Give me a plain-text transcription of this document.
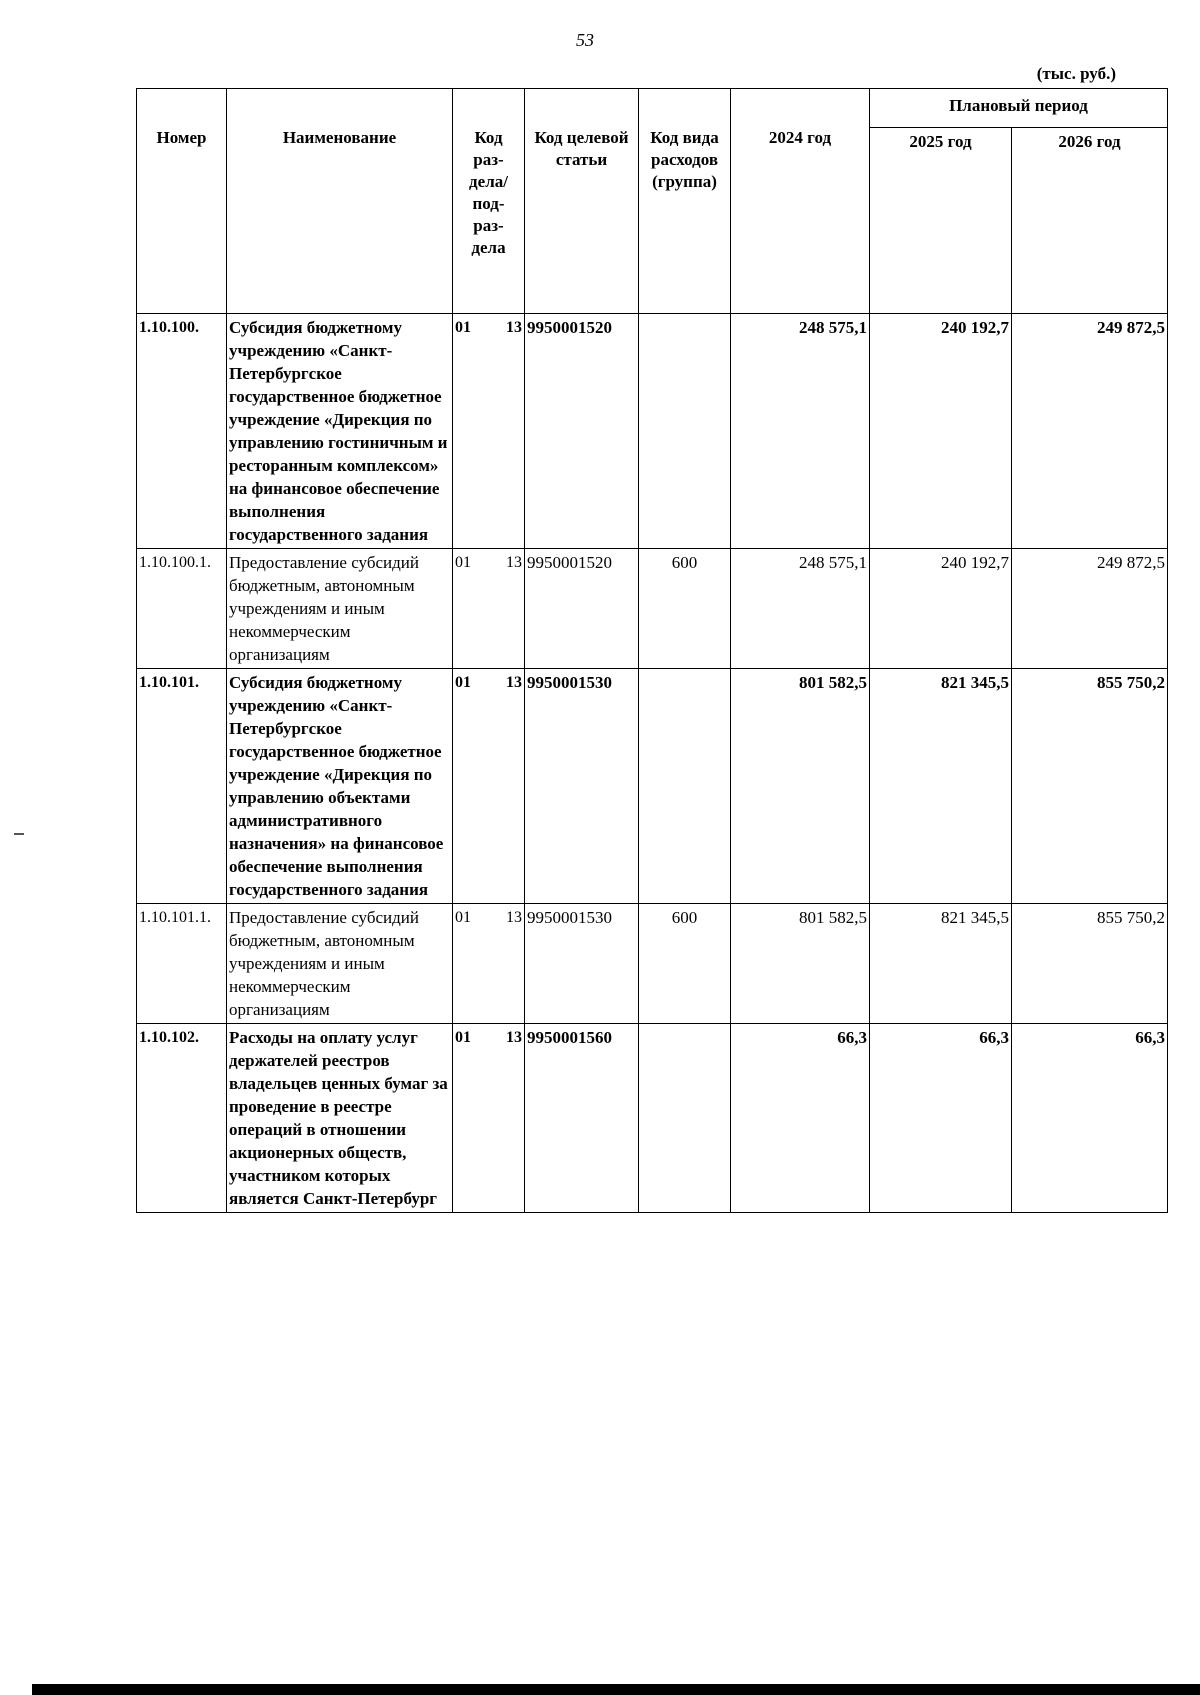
53
(тыс. руб.)
Номер	Наименование	Код раз-дела/ под-раз-дела	Код целевой статьи	Код вида расходов (группа)	2024 год	Плановый период	
						2025 год	2026 год
1.10.100.	Субсидия бюджетному учреждению «Санкт-Петербургское государственное бюджетное учреждение «Дирекция по управлению гостиничным и ресторанным комплексом» на финансовое обеспечение выполнения государственного задания	01 13	9950001520		248 575,1	240 192,7	249 872,5
1.10.100.1.	Предоставление субсидий бюджетным, автономным учреждениям и иным некоммерческим организациям	01 13	9950001520	600	248 575,1	240 192,7	249 872,5
1.10.101.	Субсидия бюджетному учреждению «Санкт-Петербургское государственное бюджетное учреждение «Дирекция по управлению объектами административного назначения» на финансовое обеспечение выполнения государственного задания	01 13	9950001530		801 582,5	821 345,5	855 750,2
1.10.101.1.	Предоставление субсидий бюджетным, автономным учреждениям и иным некоммерческим организациям	01 13	9950001530	600	801 582,5	821 345,5	855 750,2
1.10.102.	Расходы на оплату услуг держателей реестров владельцев ценных бумаг за проведение в реестре операций в отношении акционерных обществ, участником которых является Санкт-Петербург	01 13	9950001560		66,3	66,3	66,3
